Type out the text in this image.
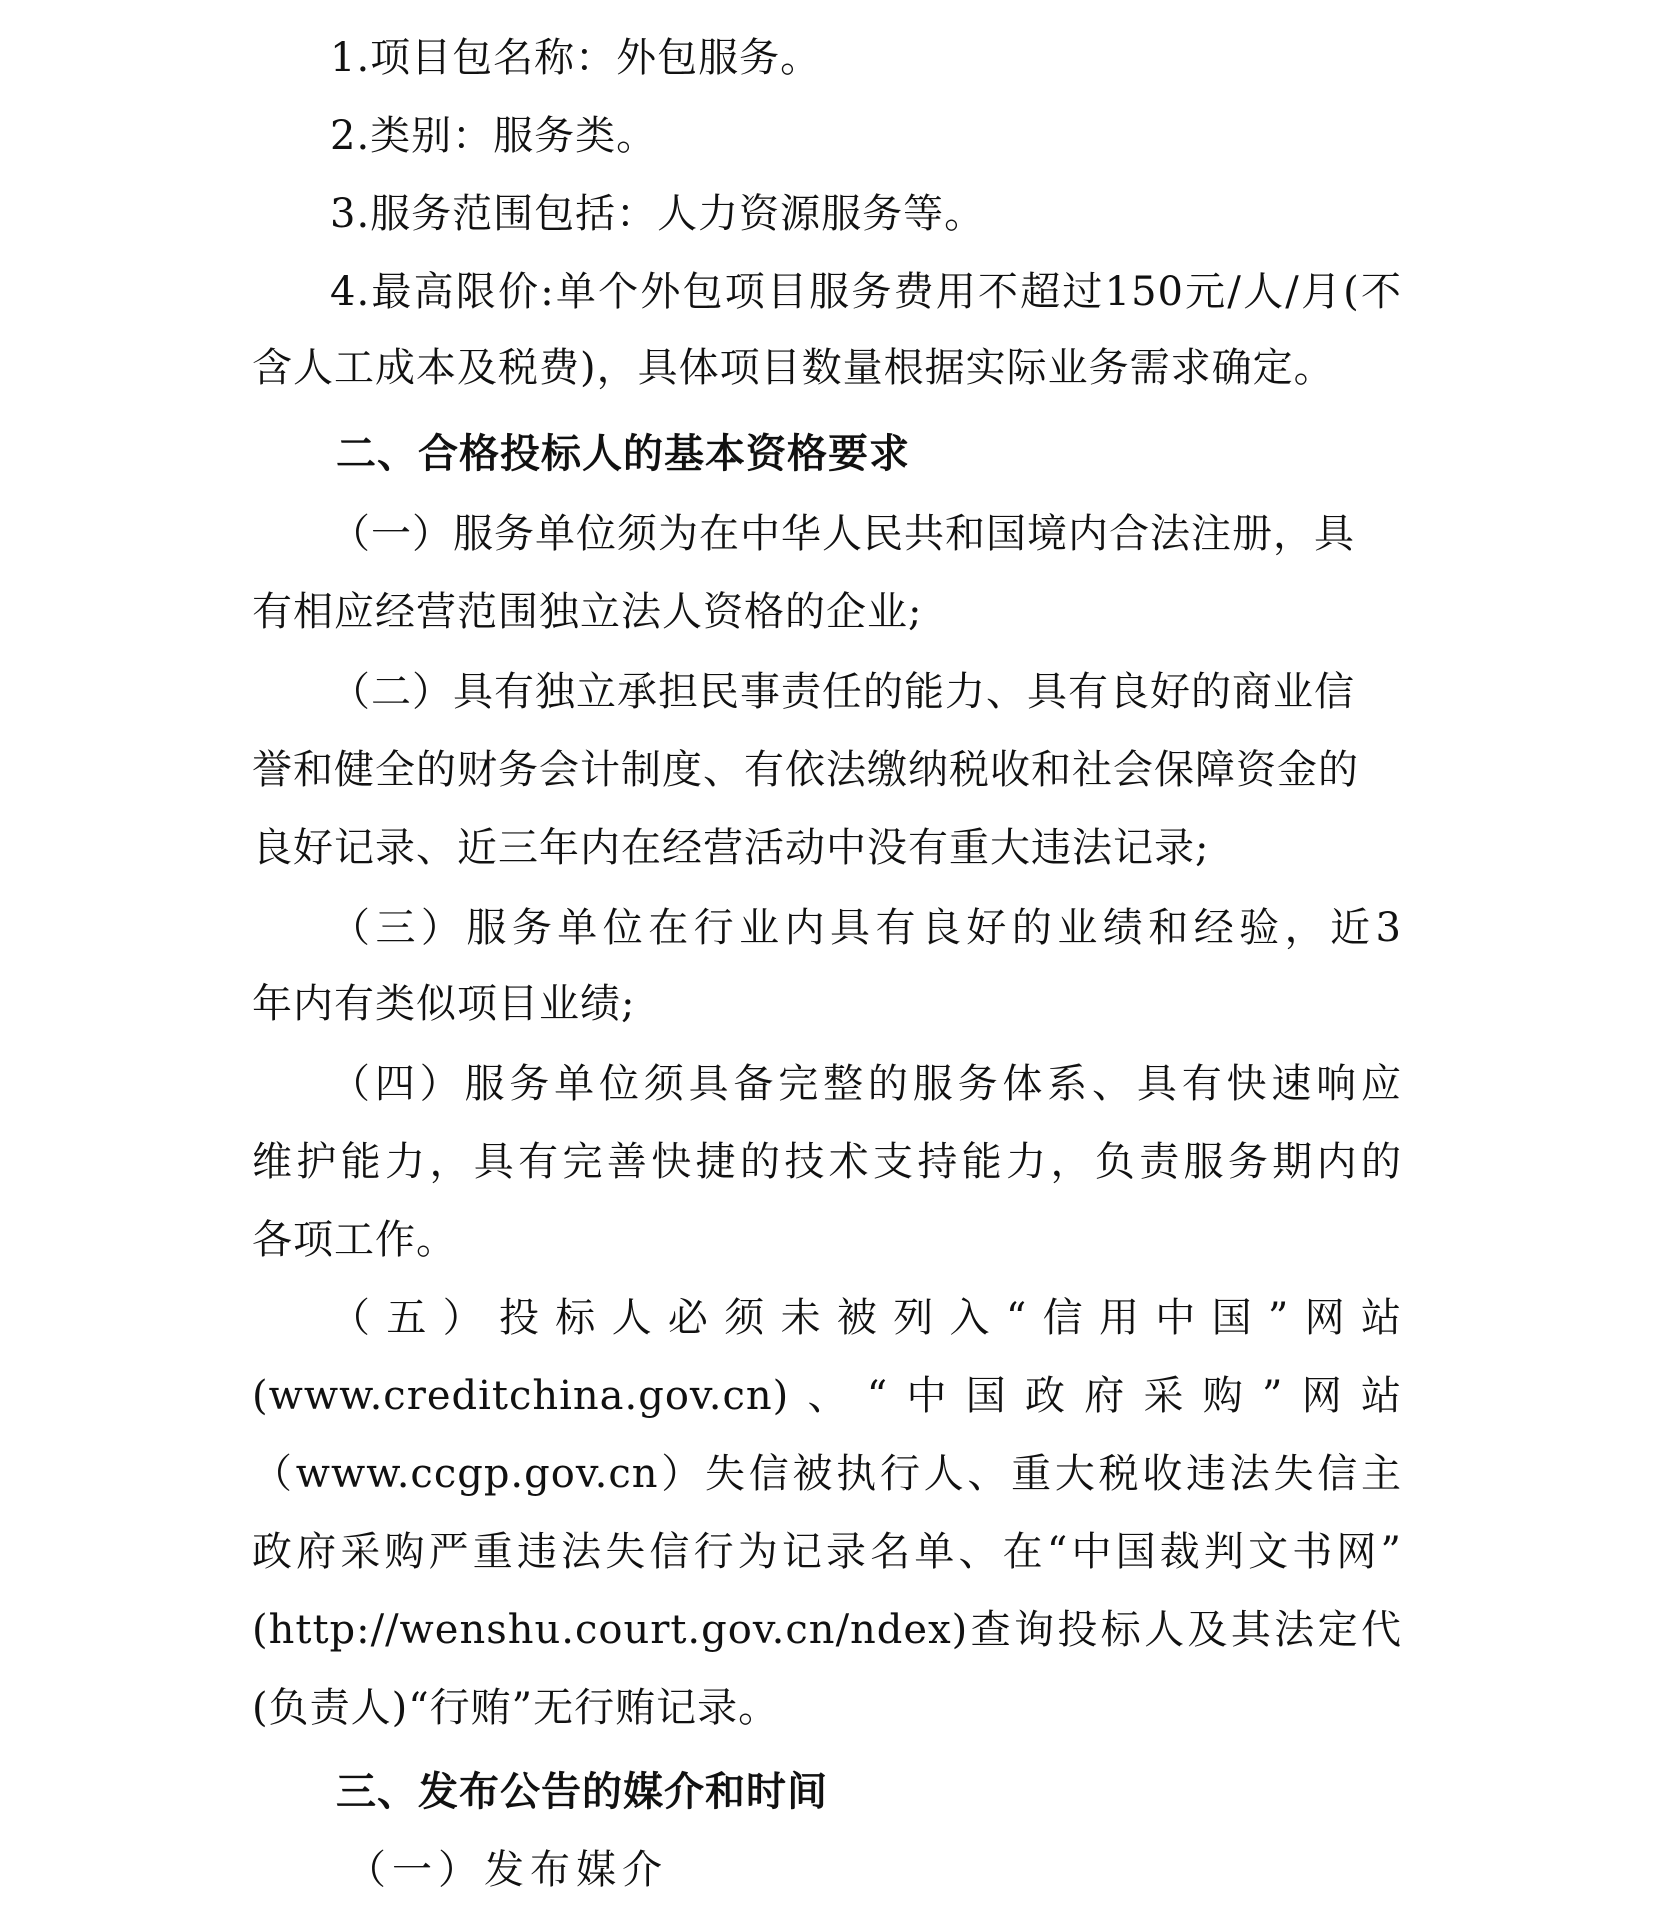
1.项目包名称：外包服务。
2.类别：服务类。
3.服务范围包括：人力资源服务等。
4.最高限价:单个外包项目服务费用不超过150元/人/月(不
含人工成本及税费)，具体项目数量根据实际业务需求确定。
二、合格投标人的基本资格要求
（一）服务单位须为在中华人民共和国境内合法注册，具
有相应经营范围独立法人资格的企业;
（二）具有独立承担民事责任的能力、具有良好的商业信
誉和健全的财务会计制度、有依法缴纳税收和社会保障资金的
良好记录、近三年内在经营活动中没有重大违法记录;
（三）服务单位在行业内具有良好的业绩和经验，近3
年内有类似项目业绩;
（四）服务单位须具备完整的服务体系、具有快速响应
维护能力，具有完善快捷的技术支持能力，负责服务期内的
各项工作。
（五）投标人必须未被列入“信用中国”网站
(www.creditchina.gov.cn)、“中国政府采购”网站
（www.ccgp.gov.cn）失信被执行人、重大税收违法失信主
政府采购严重违法失信行为记录名单、在“中国裁判文书网”
(http://wenshu.court.gov.cn/ndex)查询投标人及其法定代
(负责人)“行贿”无行贿记录。
三、发布公告的媒介和时间
（一）发布媒介
